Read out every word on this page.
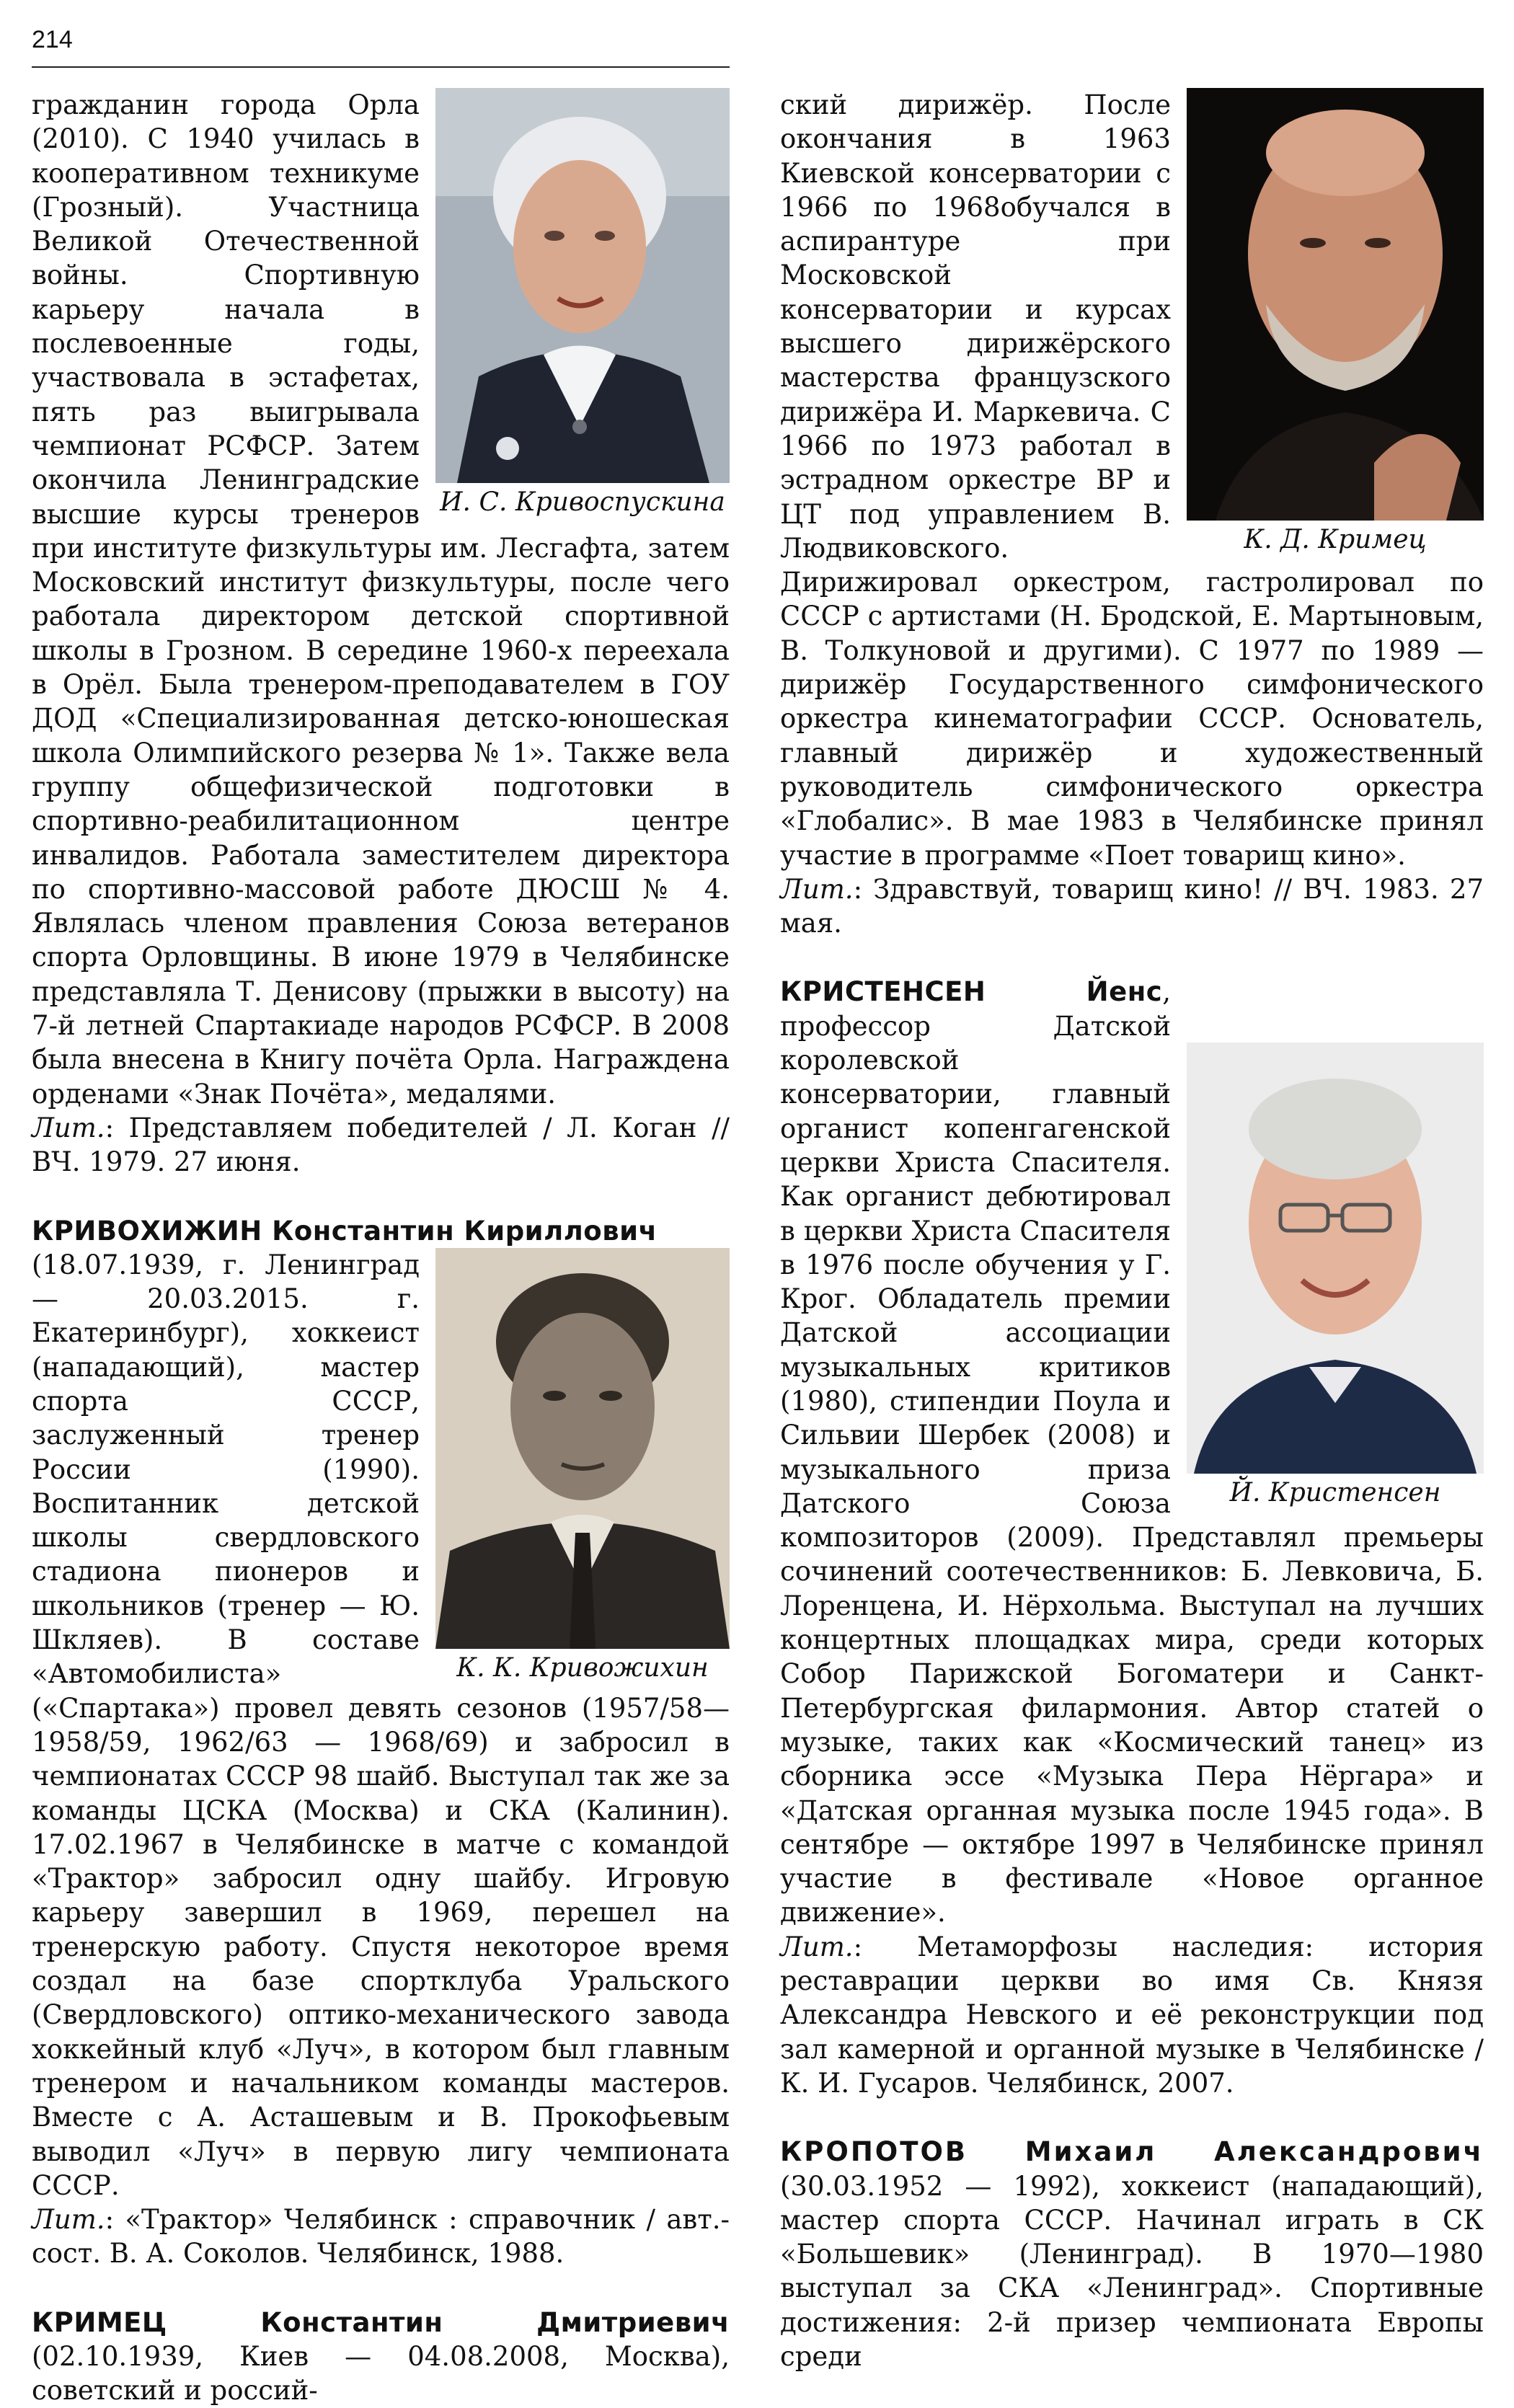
214
И. С. Кривоспускина

гражданин города Орла (2010). С 1940 училась в кооперативном техникуме (Грозный). Участница Великой Отечественной войны. Спортивную карьеру начала в послевоенные годы, участвовала в эстафетах, пять раз выигрывала чемпионат РСФСР. Затем окончила Ленинградские высшие курсы тренеров при институте физкультуры им. Лесгафта, затем Московский институт физкультуры, после чего работала директором детской спортивной школы в Грозном. В середине 1960-х переехала в Орёл. Была тренером-преподавателем в ГОУ ДОД «Специализированная детско-юношеская школа Олимпийского резерва № 1». Также вела группу общефизической подготовки в спортивно-реабилитационном центре инвалидов. Работала заместителем директора по спортивно-массовой работе ДЮСШ № 4. Являлась членом правления Союза ветеранов спорта Орловщины. В июне 1979 в Челябинске представляла Т. Денисову (прыжки в высоту) на 7-й летней Спартакиаде народов РСФСР. В 2008 была внесена в Книгу почёта Орла. Награждена орденами «Знак Почёта», медалями.

Лит.: Представляем победителей / Л. Коган // ВЧ. 1979. 27 июня.

КРИВОХИЖИН Константин Кириллович

К. К. Кривожихин

(18.07.1939, г. Ленинград — 20.03.2015. г. Екатеринбург), хоккеист (нападающий), мастер спорта СССР, заслуженный тренер России (1990). Воспитанник детской школы свердловского стадиона пионеров и школьников (тренер — Ю. Шкляев). В составе «Автомобилиста» («Спартака») провел девять сезонов (1957/58—1958/59, 1962/63 — 1968/69) и забросил в чемпионатах СССР 98 шайб. Выступал так же за команды ЦСКА (Москва) и СКА (Калинин). 17.02.1967 в Челябинске в матче с командой «Трактор» забросил одну шайбу. Игровую карьеру завершил в 1969, перешел на тренерскую работу. Спустя некоторое время создал на базе спортклуба Уральского (Свердловского) оптико-механического завода хоккейный клуб «Луч», в котором был главным тренером и начальником команды мастеров. Вместе с А. Асташевым и В. Прокофьевым выводил «Луч» в первую лигу чемпионата СССР.

Лит.: «Трактор» Челябинск : справочник / авт.-сост. В. А. Соколов. Челябинск, 1988.

КРИМЕЦ Константин Дмитриевич (02.10.1939, Киев — 04.08.2008, Москва), советский и россий-

К. Д. Кримец

ский дирижёр. После окончания в 1963 Киевской консерватории с 1966 по 1968обучался в аспирантуре при Московской консерватории и курсах высшего дирижёрского мастерства французского дирижёра И. Маркевича. С 1966 по 1973 работал в эстрадном оркестре ВР и ЦТ под управлением В. Людвиковского. Дирижировал оркестром, гастролировал по СССР с артистами (Н. Бродской, Е. Мартыновым, В. Толкуновой и другими). С 1977 по 1989 — дирижёр Государственного симфонического оркестра кинематографии СССР. Основатель, главный дирижёр и художественный руководитель симфонического оркестра «Глобалис». В мае 1983 в Челябинске принял участие в программе «Поет товарищ кино».

Лит.: Здравствуй, товарищ кино! // ВЧ. 1983. 27 мая.

Й. Кристенсен

КРИСТЕНСЕН Йенс, профессор Датской королевской консерватории, главный органист копенгагенской церкви Христа Спасителя. Как органист дебютировал в церкви Христа Спасителя в 1976 после обучения у Г. Крог. Обладатель премии Датской ассоциации музыкальных критиков (1980), стипендии Поула и Сильвии Шербек (2008) и музыкального приза Датского Союза композиторов (2009). Представлял премьеры сочинений соотечественников: Б. Левковича, Б. Лоренцена, И. Нёрхольма. Выступал на лучших концертных площадках мира, среди которых Собор Парижской Богоматери и Санкт-Петербургская филармония. Автор статей о музыке, таких как «Космический танец» из сборника эссе «Музыка Пера Нёргара» и «Датская органная музыка после 1945 года». В сентябре — октябре 1997 в Челябинске принял участие в фестивале «Новое органное движение».

Лит.: Метаморфозы наследия: история реставрации церкви во имя Св. Князя Александра Невского и её реконструкции под зал камерной и органной музыке в Челябинске / К. И. Гусаров. Челябинск, 2007.

КРОПОТОВ Михаил Александрович (30.03.1952 — 1992), хоккеист (нападающий), мастер спорта СССР. Начинал играть в СК «Большевик» (Ленинград). В 1970—1980 выступал за СКА «Ленинград». Спортивные достижения: 2-й призер чемпионата Европы среди
